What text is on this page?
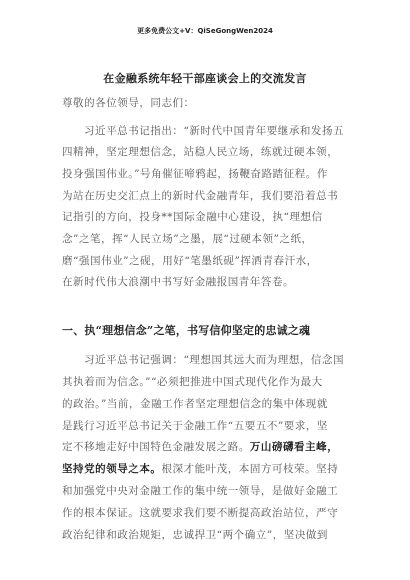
更多免费公文+V：QiSeGongWen2024
在金融系统年轻干部座谈会上的交流发言
尊敬的各位领导，同志们：
习近平总书记指出：“新时代中国青年要继承和发扬五
四精神，坚定理想信念，站稳人民立场，练就过硬本领，
投身强国伟业。”号角催征啼鸦起，扬鞭奋路踏征程。作
为站在历史交汇点上的新时代金融青年，我们要沿着总书
记指引的方向，投身**国际金融中心建设，执“理想信
念”之笔，挥“人民立场”之墨，展“过硬本领”之纸，
磨“强国伟业”之砚，用好“笔墨纸砚”挥洒青春汗水，
在新时代伟大浪潮中书写好金融报国青年答卷。
一、执“理想信念”之笔，书写信仰坚定的忠诚之魂
习近平总书记强调：“理想国其远大而为理想，信念国
其执着而为信念。”“必须把推进中国式现代化作为最大
的政治。”当前，金融工作者坚定理想信念的集中体现就
是践行习近平总书记关于金融工作“五要五不”要求，坚
定不移地走好中国特色金融发展之路。万山磅礴看主峰，
坚持党的领导之本。根深才能叶茂，本固方可枝荣。坚持
和加强党中央对金融工作的集中统一领导，是做好金融工
作的根本保证。这就要求我们要不断提高政治站位，严守
政治纪律和政治规矩，忠诚捍卫“两个确立”，坚决做到
